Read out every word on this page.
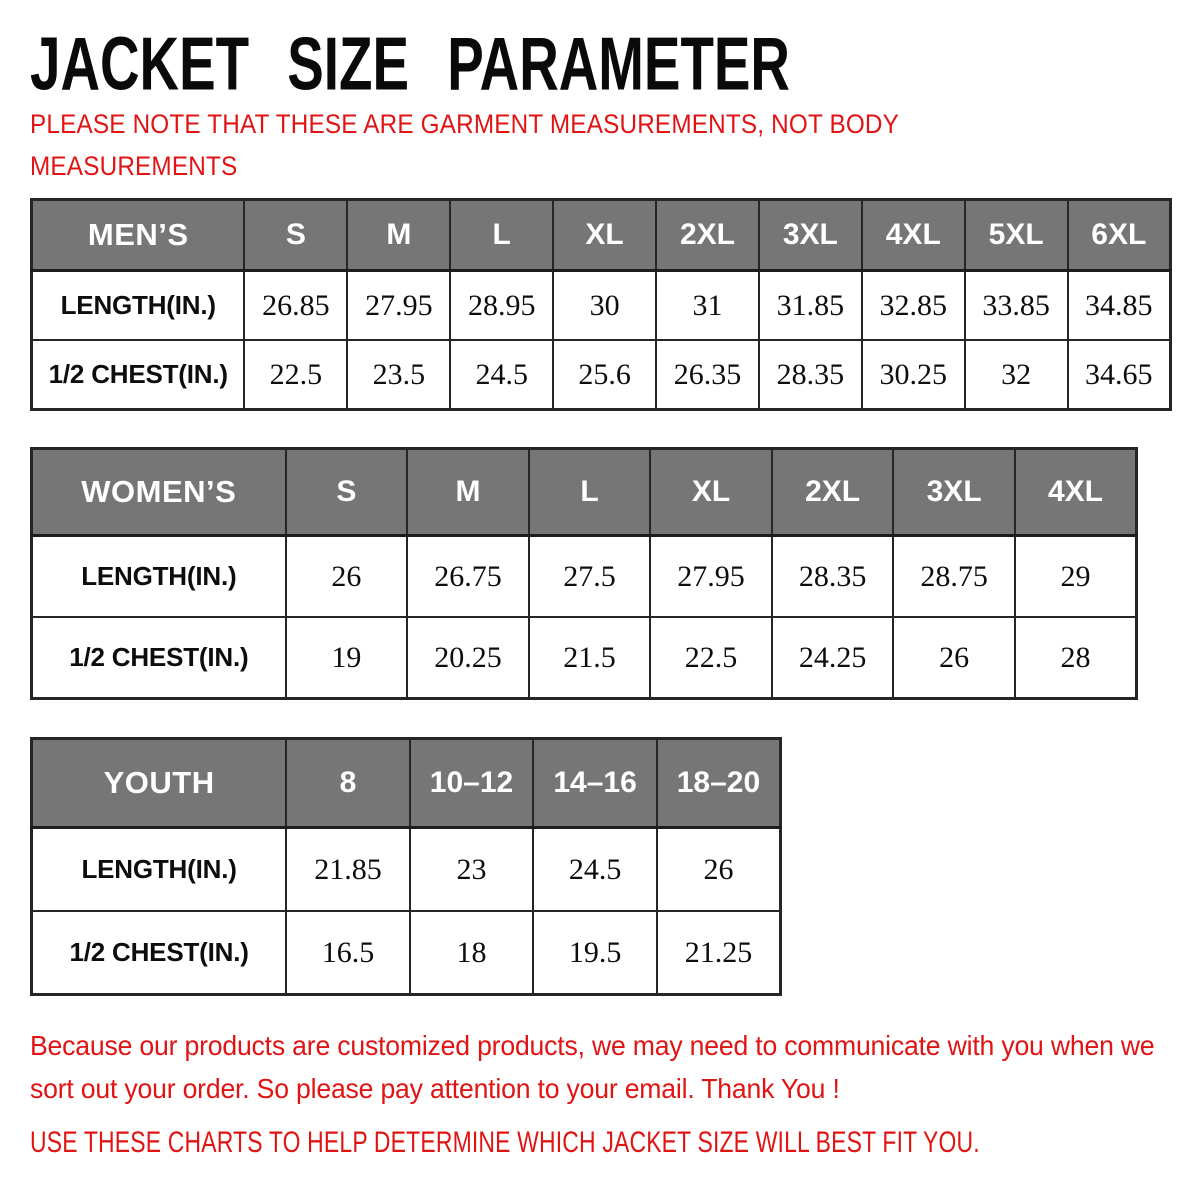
JACKET SIZE PARAMETER

PLEASE NOTE THAT THESE ARE GARMENT MEASUREMENTS, NOT BODY MEASUREMENTS

MEN’S	S	M	L	XL	2XL	3XL	4XL	5XL	6XL
LENGTH(IN.)	26.85	27.95	28.95	30	31	31.85	32.85	33.85	34.85
1/2 CHEST(IN.)	22.5	23.5	24.5	25.6	26.35	28.35	30.25	32	34.65
WOMEN’S	S	M	L	XL	2XL	3XL	4XL
LENGTH(IN.)	26	26.75	27.5	27.95	28.35	28.75	29
1/2 CHEST(IN.)	19	20.25	21.5	22.5	24.25	26	28
YOUTH	8	10–12	14–16	18–20
LENGTH(IN.)	21.85	23	24.5	26
1/2 CHEST(IN.)	16.5	18	19.5	21.25

Because our products are customized products, we may need to communicate with you when we sort out your order. So please pay attention to your email. Thank You !

USE THESE CHARTS TO HELP DETERMINE WHICH JACKET SIZE WILL BEST FIT YOU.
